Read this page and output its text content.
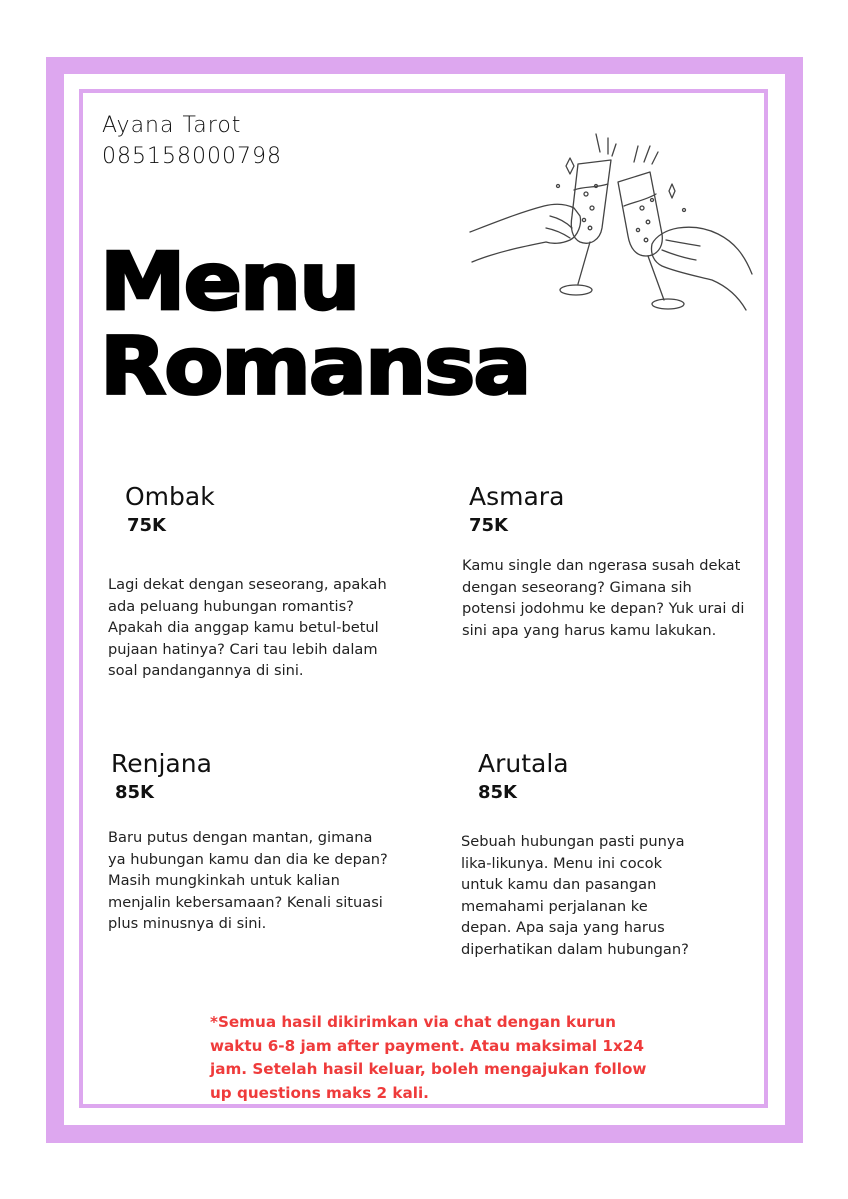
Ayana Tarot
085158000798
Menu
Romansa
Ombak
75K
Lagi dekat dengan seseorang, apakah ada peluang hubungan romantis? Apakah dia anggap kamu betul-betul pujaan hatinya? Cari tau lebih dalam soal pandangannya di sini.
Asmara
75K
Kamu single dan ngerasa susah dekat dengan seseorang? Gimana sih potensi jodohmu ke depan? Yuk urai di sini apa yang harus kamu lakukan.
Renjana
85K
Baru putus dengan mantan, gimana ya hubungan kamu dan dia ke depan? Masih mungkinkah untuk kalian menjalin kebersamaan? Kenali situasi plus minusnya di sini.
Arutala
85K
Sebuah hubungan pasti punya lika-likunya. Menu ini cocok untuk kamu dan pasangan memahami perjalanan ke depan. Apa saja yang harus diperhatikan dalam hubungan?
*Semua hasil dikirimkan via chat dengan kurun waktu 6-8 jam after payment. Atau maksimal 1x24 jam. Setelah hasil keluar, boleh mengajukan follow up questions maks 2 kali.
